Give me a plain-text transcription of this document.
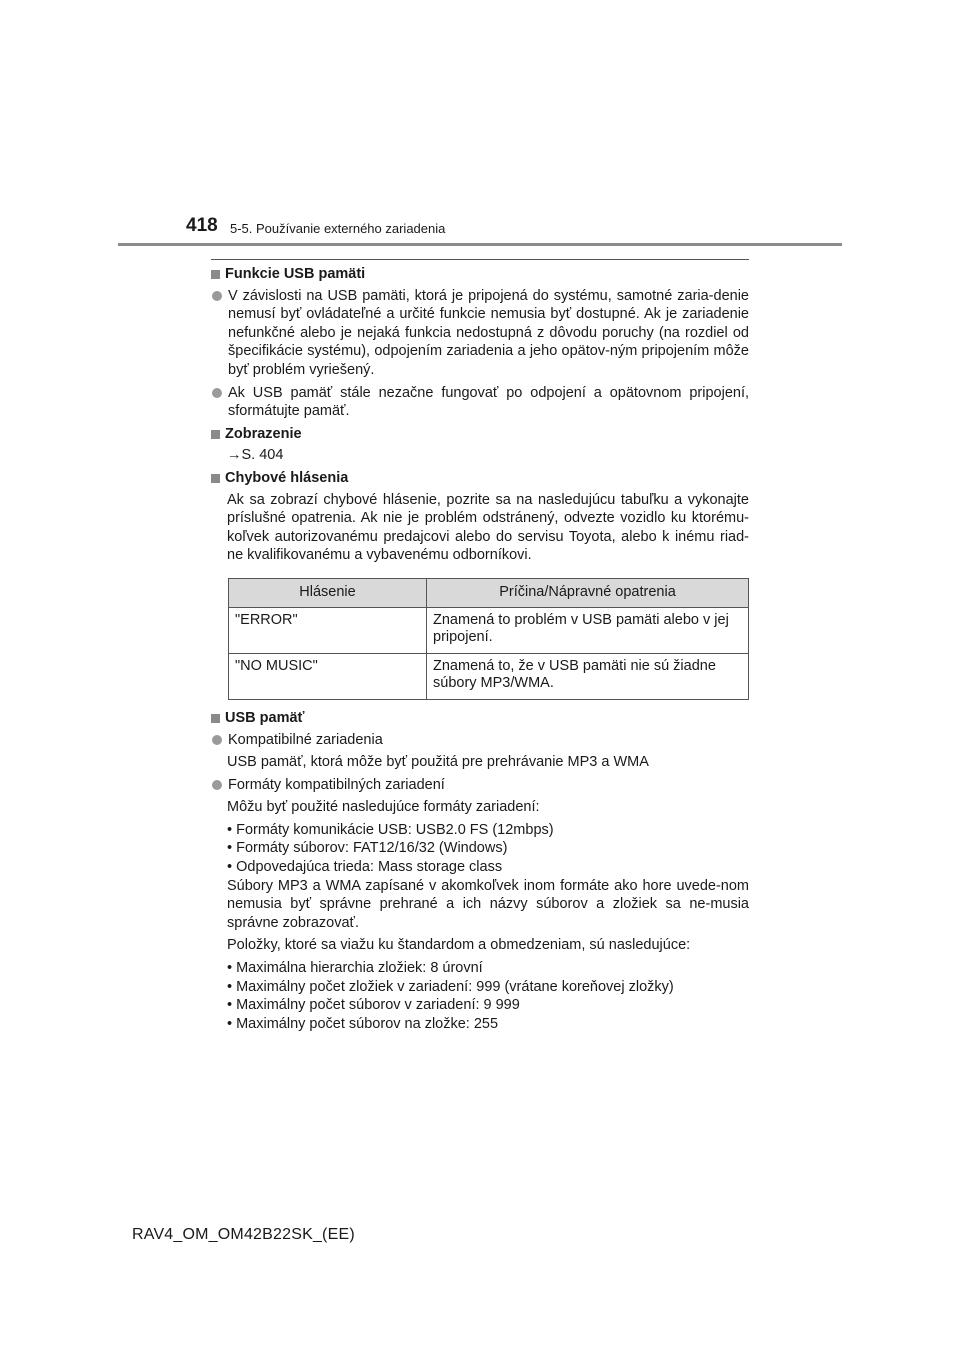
418 5-5. Používanie externého zariadenia
Funkcie USB pamäti
V závislosti na USB pamäti, ktorá je pripojená do systému, samotné zaria-denie nemusí byť ovládateľné a určité funkcie nemusia byť dostupné. Ak je zariadenie nefunkčné alebo je nejaká funkcia nedostupná z dôvodu poruchy (na rozdiel od špecifikácie systému), odpojením zariadenia a jeho opätov-ným pripojením môže byť problém vyriešený.
Ak USB pamäť stále nezačne fungovať po odpojení a opätovnom pripojení, sformátujte pamäť.
Zobrazenie
→S. 404
Chybové hlásenia
Ak sa zobrazí chybové hlásenie, pozrite sa na nasledujúcu tabuľku a vykonajte príslušné opatrenia. Ak nie je problém odstránený, odvezte vozidlo ku ktorému-koľvek autorizovanému predajcovi alebo do servisu Toyota, alebo k inému riad-ne kvalifikovanému a vybavenému odborníkovi.
Hlásenie	Príčina/Nápravné opatrenia
"ERROR"	Znamená to problém v USB pamäti alebo v jej pripojení.
"NO MUSIC"	Znamená to, že v USB pamäti nie sú žiadne súbory MP3/WMA.
USB pamäť
Kompatibilné zariadenia
USB pamäť, ktorá môže byť použitá pre prehrávanie MP3 a WMA
Formáty kompatibilných zariadení
Môžu byť použité nasledujúce formáty zariadení:
• Formáty komunikácie USB: USB2.0 FS (12mbps)
• Formáty súborov: FAT12/16/32 (Windows)
• Odpovedajúca trieda: Mass storage class
Súbory MP3 a WMA zapísané v akomkoľvek inom formáte ako hore uvede-nom nemusia byť správne prehrané a ich názvy súborov a zložiek sa ne-musia správne zobrazovať.
Položky, ktoré sa viažu ku štandardom a obmedzeniam, sú nasledujúce:
• Maximálna hierarchia zložiek: 8 úrovní
• Maximálny počet zložiek v zariadení: 999 (vrátane koreňovej zložky)
• Maximálny počet súborov v zariadení: 9 999
• Maximálny počet súborov na zložke: 255
RAV4_OM_OM42B22SK_(EE)
